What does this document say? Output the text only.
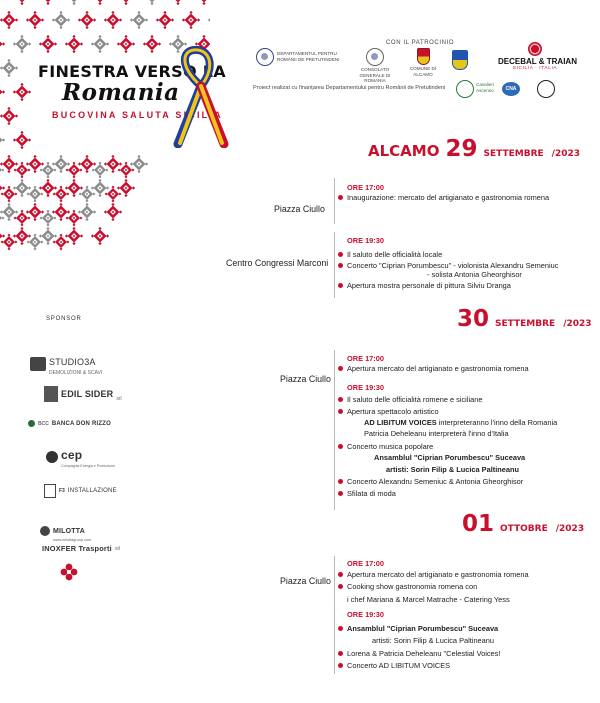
FINESTRA VERSO LA
Romania
BUCOVINA SALUTA SICILIA
CON IL PATROCINIO
DEPARTAMENTUL PENTRU ROMÂNII DE PRETUTINDENI
CONSOLATO GENERALE DI ROMANIA
COMUNE DI ALCAMO
DECEBAL & TRAIAN
SICILIA · ITALIA
Proiect realizat cu finanțarea Departamentului pentru Românii de Pretutindeni
Cavalieri Ascenso	CNA
ALCAMO 29 SETTEMBRE /2023
Piazza Ciullo
ORE 17:00
Inaugurazione: mercato del artigianato e gastronomia romena
Centro Congressi Marconi
ORE 19:30
Il saluto delle officialità locale
Concerto "Ciprian Porumbescu" - violonista Alexandru Semeniuc
- solista Antonia Gheorghisor
Apertura mostra personale di pittura Silviu Dranga
30 SETTEMBRE /2023
Piazza Ciullo
ORE 17:00
Apertura mercato del artigianato e gastronomia romena
ORE 19:30
Il saluto delle officialità romene e siciliane
Apertura spettacolo artistico
AD LIBITUM VOICES interpreteranno l'inno della Romania
Patricia Deheleanu interpreterà l'inno d'Italia
Concerto musica popolare
Ansamblul "Ciprian Porumbescu" Suceava
artisti: Sorin Filip & Lucica Paltineanu
Concerto Alexandru Semeniuc & Antonia Gheorghisor
Sfilata di moda
01 OTTOBRE /2023
Piazza Ciullo
ORE 17:00
Apertura mercato del artigianato e gastronomia romena
Cooking show gastronomia romena con
i chef Mariana & Marcel Matrache - Catering Yess
ORE 19:30
Ansamblul "Ciprian Porumbescu" Suceava
artisti: Sorin Filip & Lucica Paltineanu
Lorena & Patricia Deheleanu "Celestial Voices!
Concerto AD LIBITUM VOICES
SPONSOR
STUDIO3A
DEMOLIZIONI & SCAVI
EDIL SIDER srl
BCC BANCA DON RIZZO
cep
Compagnia Energia e Produzione
F3 INSTALLAZIONE
MILOTTA
www.milottagroup.com
INOXFER Trasporti srl
